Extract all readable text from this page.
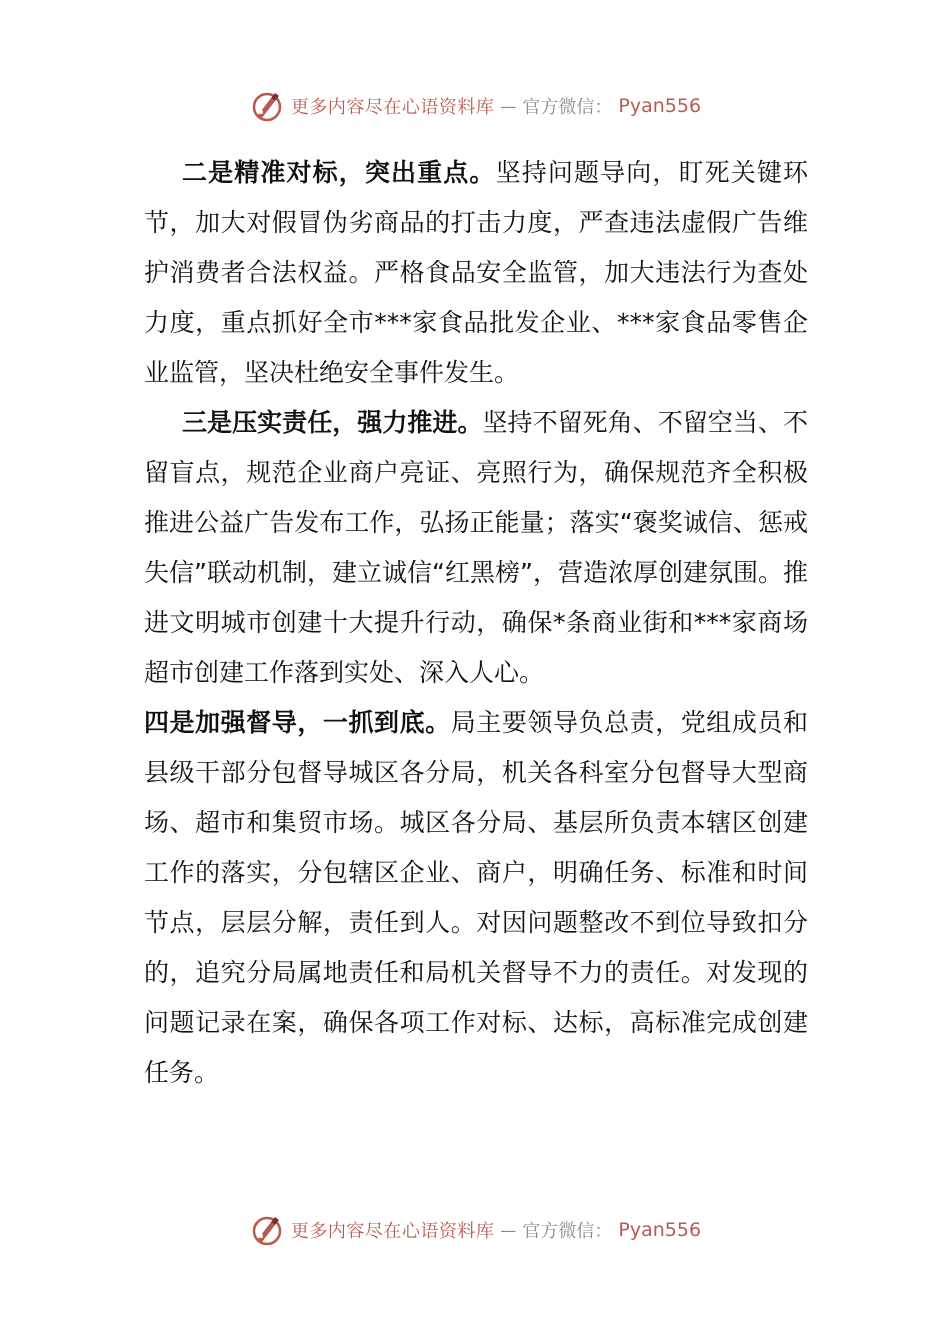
更多内容尽在心语资料库 — 官方微信： Pyan556

二是精准对标，突出重点。坚持问题导向，盯死关键环节，加大对假冒伪劣商品的打击力度，严查违法虚假广告维护消费者合法权益。严格食品安全监管，加大违法行为查处力度，重点抓好全市***家食品批发企业、***家食品零售企业监管，坚决杜绝安全事件发生。

三是压实责任，强力推进。坚持不留死角、不留空当、不留盲点，规范企业商户亮证、亮照行为，确保规范齐全积极推进公益广告发布工作，弘扬正能量；落实“褒奖诚信、惩戒失信”联动机制，建立诚信“红黑榜”，营造浓厚创建氛围。推进文明城市创建十大提升行动，确保*条商业街和***家商场超市创建工作落到实处、深入人心。

四是加强督导，一抓到底。局主要领导负总责，党组成员和县级干部分包督导城区各分局，机关各科室分包督导大型商场、超市和集贸市场。城区各分局、基层所负责本辖区创建工作的落实，分包辖区企业、商户，明确任务、标准和时间节点，层层分解，责任到人。对因问题整改不到位导致扣分的，追究分局属地责任和局机关督导不力的责任。对发现的问题记录在案，确保各项工作对标、达标，高标准完成创建任务。

更多内容尽在心语资料库 — 官方微信： Pyan556
